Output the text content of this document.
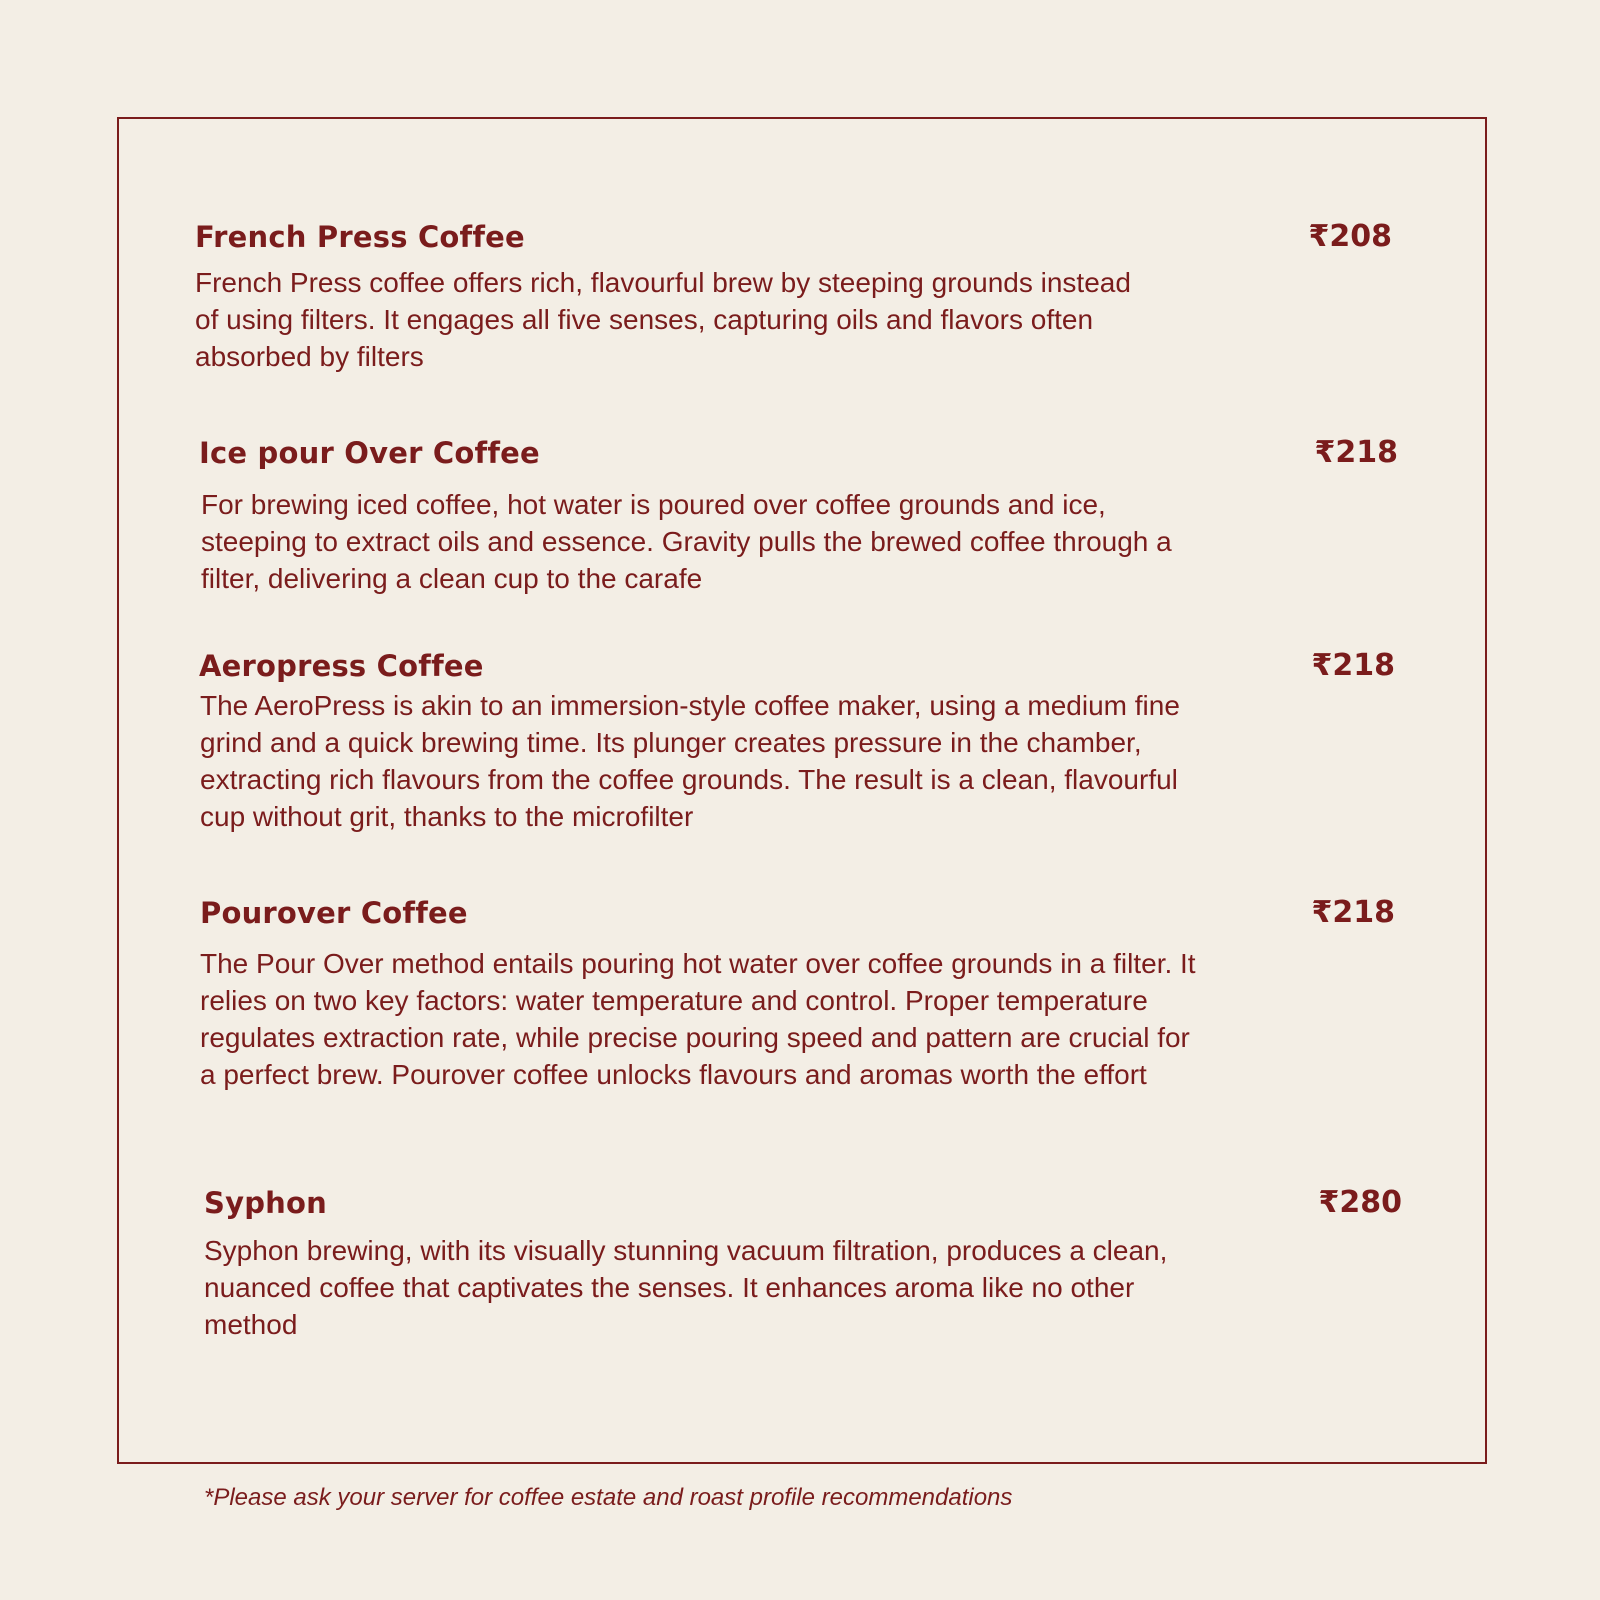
French Press Coffee	₹208

French Press coffee offers rich, flavourful brew by steeping grounds instead of using filters. It engages all five senses, capturing oils and flavors often absorbed by filters

Ice pour Over Coffee	₹218

For brewing iced coffee, hot water is poured over coffee grounds and ice, steeping to extract oils and essence. Gravity pulls the brewed coffee through a filter, delivering a clean cup to the carafe

Aeropress Coffee	₹218

The AeroPress is akin to an immersion-style coffee maker, using a medium fine grind and a quick brewing time. Its plunger creates pressure in the chamber, extracting rich flavours from the coffee grounds. The result is a clean, flavourful cup without grit, thanks to the microfilter

Pourover Coffee	₹218

The Pour Over method entails pouring hot water over coffee grounds in a filter. It relies on two key factors: water temperature and control. Proper temperature regulates extraction rate, while precise pouring speed and pattern are crucial for a perfect brew. Pourover coffee unlocks flavours and aromas worth the effort

Syphon	₹280

Syphon brewing, with its visually stunning vacuum filtration, produces a clean, nuanced coffee that captivates the senses. It enhances aroma like no other method

*Please ask your server for coffee estate and roast profile recommendations
